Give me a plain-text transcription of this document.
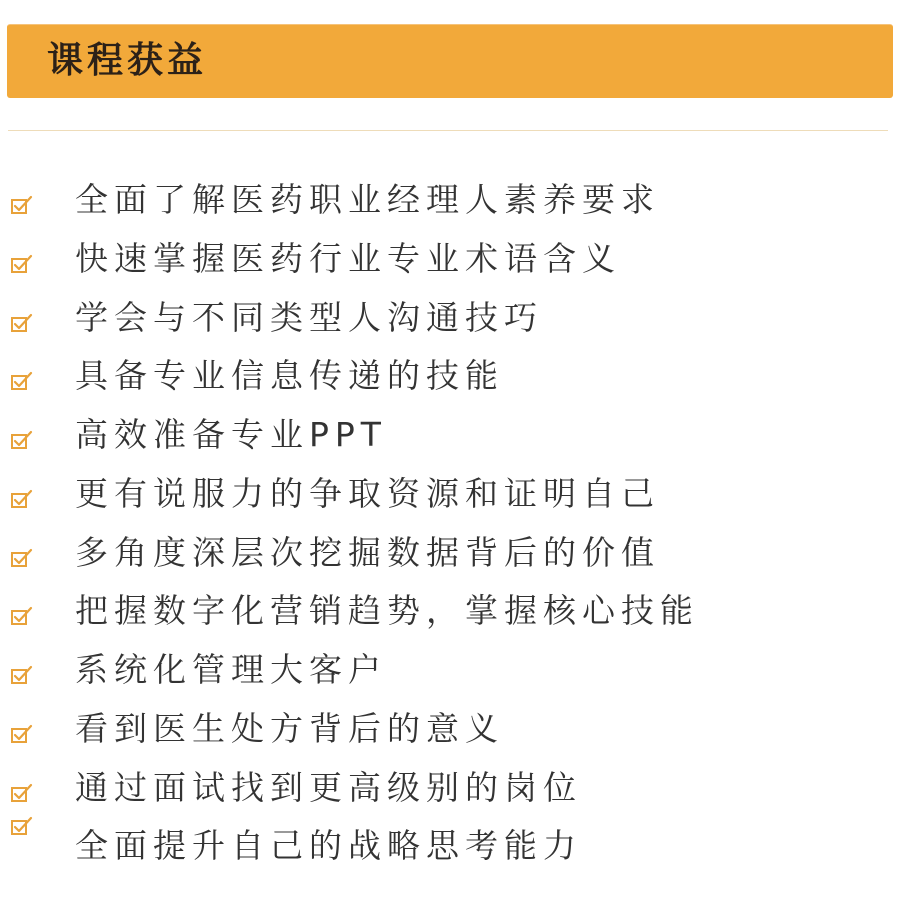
课程获益
全面了解医药职业经理人素养要求
快速掌握医药行业专业术语含义
学会与不同类型人沟通技巧
具备专业信息传递的技能
高效准备专业PPT
更有说服力的争取资源和证明自己
多角度深层次挖掘数据背后的价值
把握数字化营销趋势，掌握核心技能
系统化管理大客户
看到医生处方背后的意义
通过面试找到更高级别的岗位
全面提升自己的战略思考能力
